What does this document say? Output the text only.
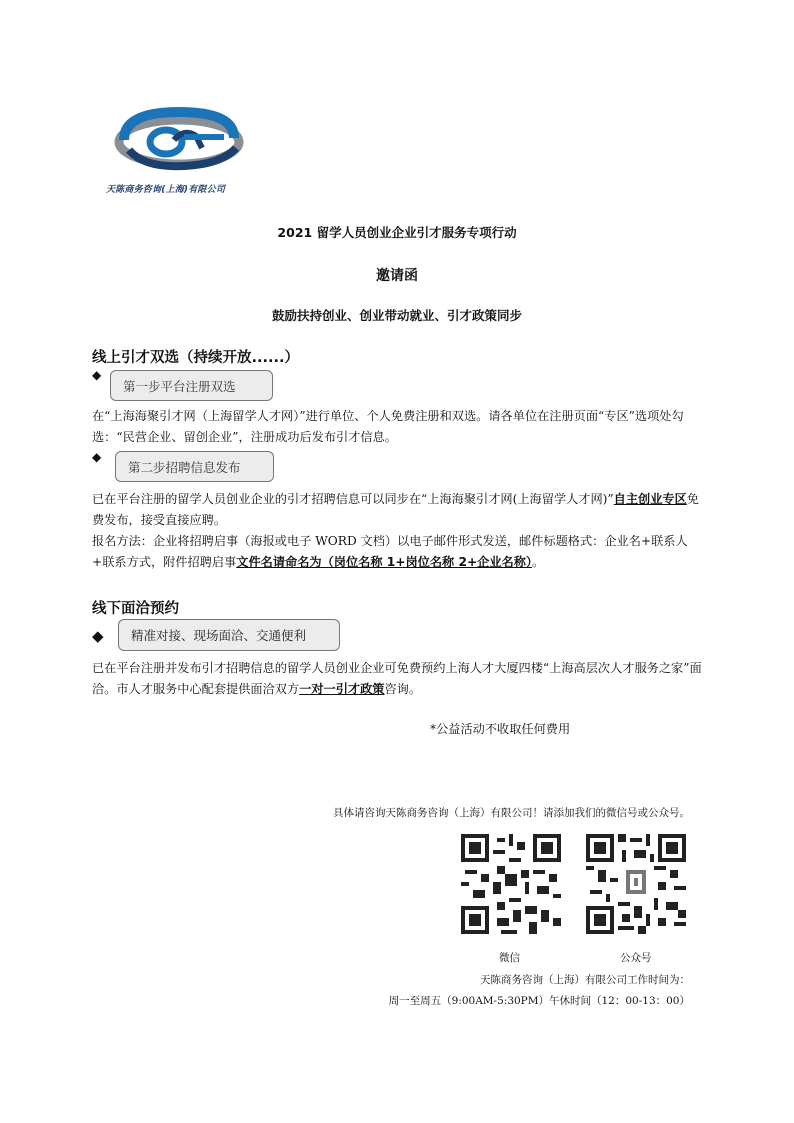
天陈商务咨询(上海)有限公司
2021 留学人员创业企业引才服务专项行动
邀请函
鼓励扶持创业、创业带动就业、引才政策同步
线上引才双选（持续开放......）
◆
第一步平台注册双选
在“上海海聚引才网（上海留学人才网）”进行单位、个人免费注册和双选。请各单位在注册页面“专区”选项处勾选：“民营企业、留创企业”，注册成功后发布引才信息。
◆
第二步招聘信息发布
已在平台注册的留学人员创业企业的引才招聘信息可以同步在“上海海聚引才网(上海留学人才网)”自主创业专区免费发布，接受直接应聘。
报名方法：企业将招聘启事（海报或电子 WORD 文档）以电子邮件形式发送，邮件标题格式：企业名+联系人+联系方式，附件招聘启事文件名请命名为（岗位名称 1+岗位名称 2+企业名称）。
线下面洽预约
◆ 精准对接、现场面洽、交通便利
已在平台注册并发布引才招聘信息的留学人员创业企业可免费预约上海人才大厦四楼“上海高层次人才服务之家”面洽。市人才服务中心配套提供面洽双方一对一引才政策咨询。
*公益活动不收取任何费用
具体请咨询天陈商务咨询（上海）有限公司！请添加我们的微信号或公众号。
微信	公众号
天陈商务咨询（上海）有限公司工作时间为：
周一至周五（9:00AM-5:30PM）午休时间（12：00-13：00）
